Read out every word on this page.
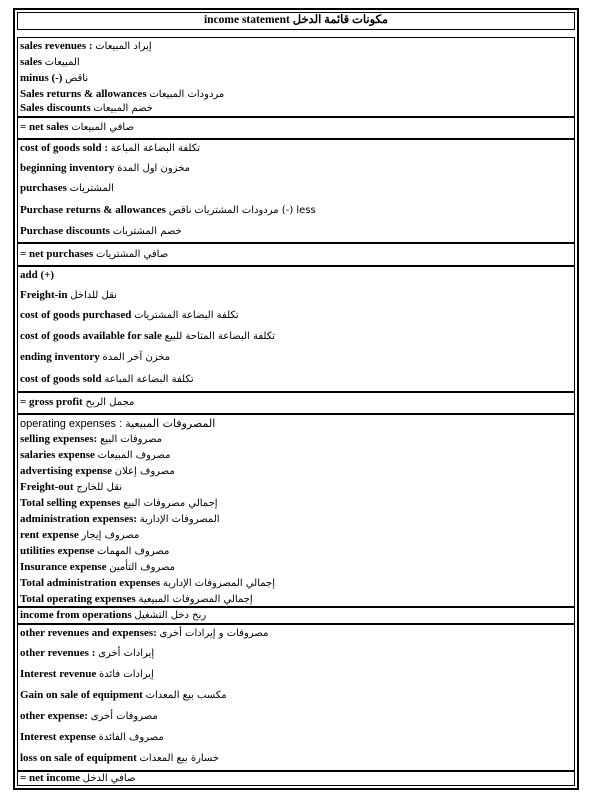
income statement مكونات قائمة الدخل
sales revenues : إيراد المبيعات
sales المبيعات
minus (-) ناقص
Sales returns & allowances مردودات المبيعات
Sales discounts خصم المبيعات
= net sales صافي المبيعات
cost of goods sold : تكلفة البضاعة المباعة
beginning inventory مخزون اول المدة
purchases المشتريات
Purchase returns & allowances	مردودات المشتريات ناقص (-) less
Purchase discounts خصم المشتريات
= net purchases صافي المشتريات
add (+)
Freight-in نقل للداخل
cost of goods purchased تكلفة البضاعة المشتريات
cost of goods available for sale تكلفة البضاعة المتاحة للبيع
ending inventory مخزن آخر المدة
cost of goods sold تكلفة البضاعة المباعة
= gross profit مجمل الربح
operating expenses : المصروفات المبيعية
selling expenses: مصروفات البيع
salaries expense مصروف المبيعات
advertising expense مصروف إعلان
Freight-out نقل للخارج
Total selling expenses إجمالي مصروفات البيع
administration expenses: المصروفات الإدارية
rent expense مصروف إيجار
utilities expense مصروف المهمات
Insurance expense مصروف التأمين
Total administration expenses إجمالي المصروفات الإدارية
Total operating expenses إجمالي المصروفات المبيعية
income from operations ربح دخل التشغيل
other revenues and expenses: مصروفات و إيرادات أخرى
other revenues : إيرادات أخرى
Interest revenue إيرادات فائدة
Gain on sale of equipment مكسب بيع المعدات
other expense: مصروفات أخرى
Interest expense مصروف الفائدة
loss on sale of equipment خسارة بيع المعدات
= net income صافي الدخل
